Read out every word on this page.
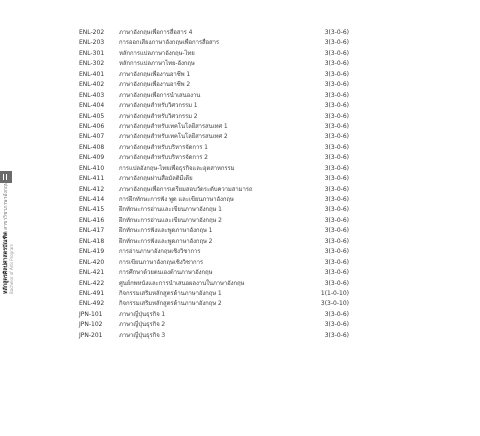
หลักสูตรศิลปศาสตรบัณฑิต สาขาวิชาภาษาอังกฤษ
Bachelor of Arts Program
ENL-202	ภาษาอังกฤษเพื่อการสื่อสาร 4	3(3-0-6)
ENL-203	การออกเสียงภาษาอังกฤษเพื่อการสื่อสาร	3(3-0-6)
ENL-301	หลักการแปลภาษาอังกฤษ-ไทย	3(3-0-6)
ENL-302	หลักการแปลภาษาไทย-อังกฤษ	3(3-0-6)
ENL-401	ภาษาอังกฤษเพื่องานอาชีพ 1	3(3-0-6)
ENL-402	ภาษาอังกฤษเพื่องานอาชีพ 2	3(3-0-6)
ENL-403	ภาษาอังกฤษเพื่อการนำเสนองาน	3(3-0-6)
ENL-404	ภาษาอังกฤษสำหรับวิศวกรรม 1	3(3-0-6)
ENL-405	ภาษาอังกฤษสำหรับวิศวกรรม 2	3(3-0-6)
ENL-406	ภาษาอังกฤษสำหรับเทคโนโลยีสารสนเทศ 1	3(3-0-6)
ENL-407	ภาษาอังกฤษสำหรับเทคโนโลยีสารสนเทศ 2	3(3-0-6)
ENL-408	ภาษาอังกฤษสำหรับบริหารจัดการ 1	3(3-0-6)
ENL-409	ภาษาอังกฤษสำหรับบริหารจัดการ 2	3(3-0-6)
ENL-410	การแปลอังกฤษ-ไทยเพื่อธุรกิจและอุตสาหกรรม	3(3-0-6)
ENL-411	ภาษาอังกฤษผ่านสื่อมัลติมีเดีย	3(3-0-6)
ENL-412	ภาษาอังกฤษเพื่อการเตรียมสอบวัดระดับความสามารถ	3(3-0-6)
ENL-414	การฝึกทักษะการฟัง พูด และเขียนภาษาอังกฤษ	3(3-0-6)
ENL-415	ฝึกทักษะการอ่านและเขียนภาษาอังกฤษ 1	3(3-0-6)
ENL-416	ฝึกทักษะการอ่านและเขียนภาษาอังกฤษ 2	3(3-0-6)
ENL-417	ฝึกทักษะการฟังและพูดภาษาอังกฤษ 1	3(3-0-6)
ENL-418	ฝึกทักษะการฟังและพูดภาษาอังกฤษ 2	3(3-0-6)
ENL-419	การอ่านภาษาอังกฤษเชิงวิชาการ	3(3-0-6)
ENL-420	การเขียนภาษาอังกฤษเชิงวิชาการ	3(3-0-6)
ENL-421	การศึกษาด้วยตนเองด้านภาษาอังกฤษ	3(3-0-6)
ENL-422	ศูนย์กพหนังและการนำเสนอผลงานในภาษาอังกฤษ	3(3-0-6)
ENL-491	กิจกรรมเสริมหลักสูตรด้านภาษาอังกฤษ 1	1(1-0-10)
ENL-492	กิจกรรมเสริมหลักสูตรด้านภาษาอังกฤษ 2	3(3-0-10)
JPN-101	ภาษาญี่ปุ่นธุรกิจ 1	3(3-0-6)
JPN-102	ภาษาญี่ปุ่นธุรกิจ 2	3(3-0-6)
JPN-201	ภาษาญี่ปุ่นธุรกิจ 3	3(3-0-6)
